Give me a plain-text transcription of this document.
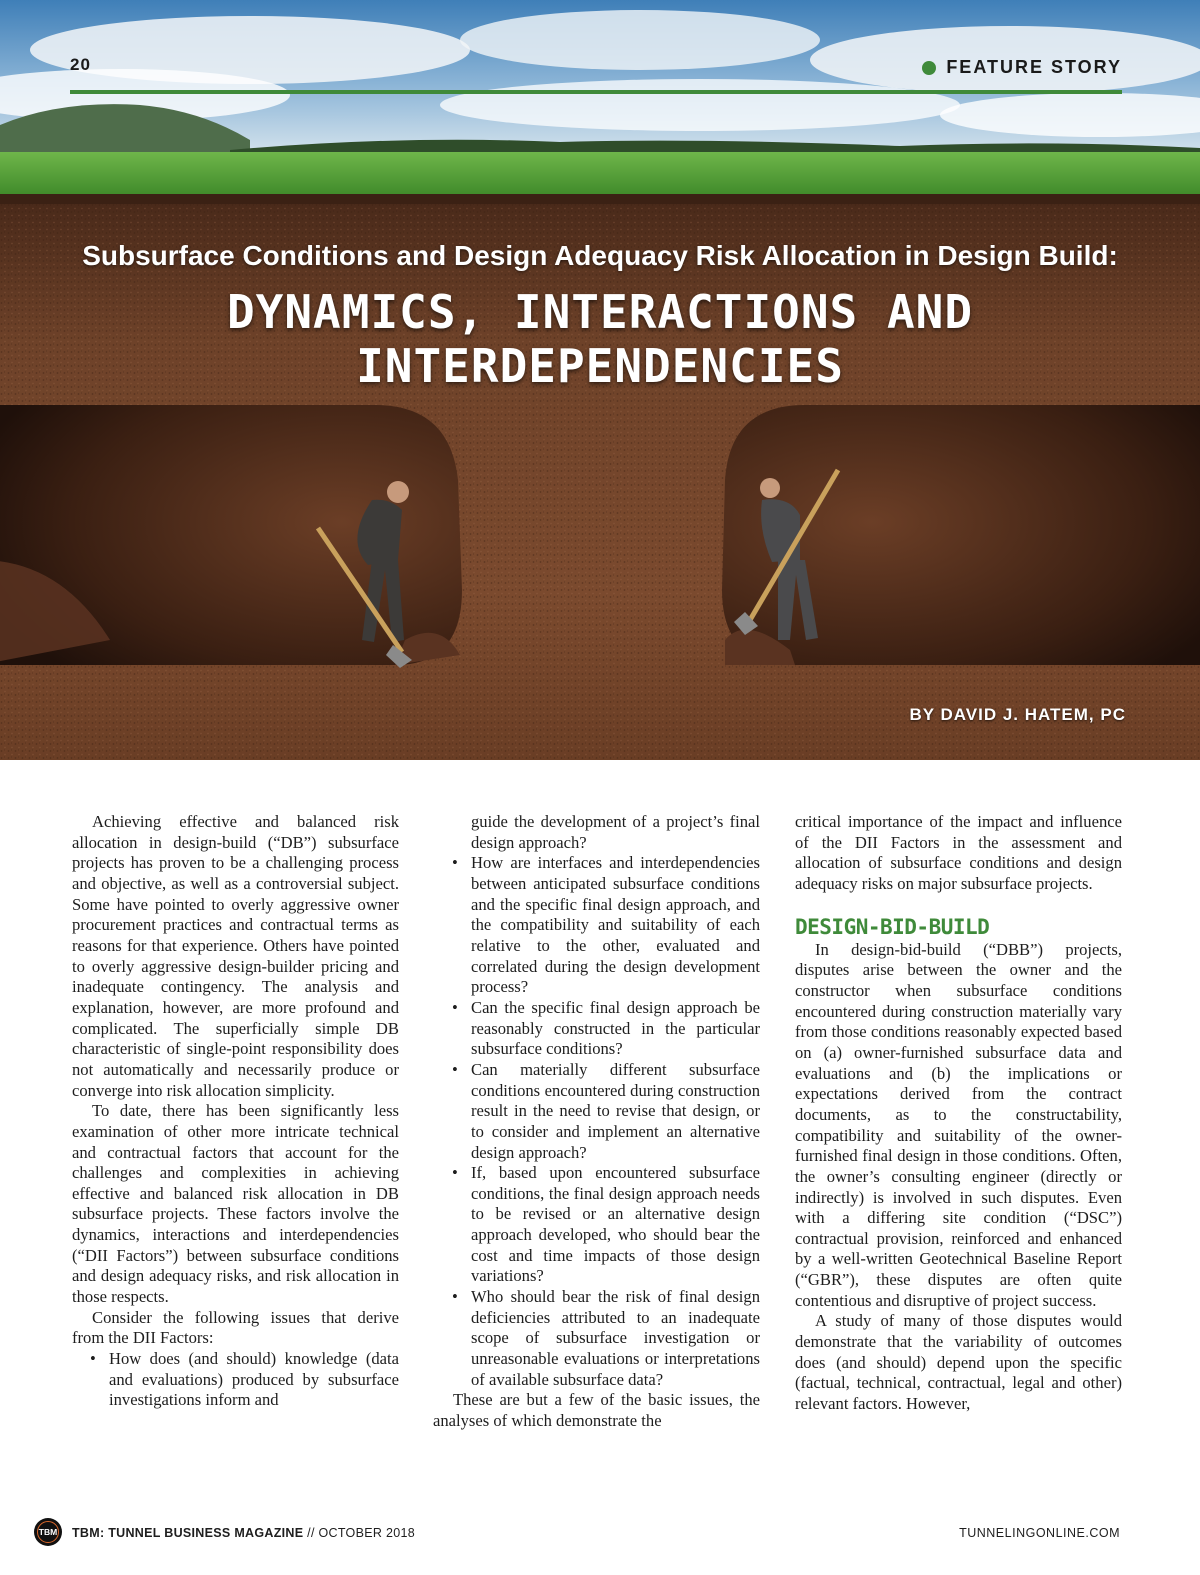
20	FEATURE STORY
Subsurface Conditions and Design Adequacy Risk Allocation in Design Build:
DYNAMICS, INTERACTIONS AND INTERDEPENDENCIES
BY DAVID J. HATEM, PC

Achieving effective and balanced risk allocation in design-build (“DB”) subsurface projects has proven to be a challenging process and objective, as well as a controversial subject. Some have pointed to overly aggressive owner procurement practices and contractual terms as reasons for that experience. Others have pointed to overly aggressive design-builder pricing and inadequate contingency. The analysis and explanation, however, are more profound and complicated. The superficially simple DB characteristic of single-point responsibility does not automatically and necessarily produce or converge into risk allocation simplicity.

To date, there has been significantly less examination of other more intricate technical and contractual factors that account for the challenges and complexities in achieving effective and balanced risk allocation in DB subsurface projects. These factors involve the dynamics, interactions and interdependencies (“DII Factors”) between subsurface conditions and design adequacy risks, and risk allocation in those respects.

Consider the following issues that derive from the DII Factors:

• How does (and should) knowledge (data and evaluations) produced by subsurface investigations inform and

guide the development of a project’s final design approach?

• How are interfaces and interdependencies between anticipated subsurface conditions and the specific final design approach, and the compatibility and suitability of each relative to the other, evaluated and correlated during the design development process?
• Can the specific final design approach be reasonably constructed in the particular subsurface conditions?
• Can materially different subsurface conditions encountered during construction result in the need to revise that design, or to consider and implement an alternative design approach?
• If, based upon encountered subsurface conditions, the final design approach needs to be revised or an alternative design approach developed, who should bear the cost and time impacts of those design variations?
• Who should bear the risk of final design deficiencies attributed to an inadequate scope of subsurface investigation or unreasonable evaluations or interpretations of available subsurface data?

These are but a few of the basic issues, the analyses of which demonstrate the

critical importance of the impact and influence of the DII Factors in the assessment and allocation of subsurface conditions and design adequacy risks on major subsurface projects.

DESIGN-BID-BUILD

In design-bid-build (“DBB”) projects, disputes arise between the owner and the constructor when subsurface conditions encountered during construction materially vary from those conditions reasonably expected based on (a) owner-furnished subsurface data and evaluations and (b) the implications or expectations derived from the contract documents, as to the constructability, compatibility and suitability of the owner-furnished final design in those conditions. Often, the owner’s consulting engineer (directly or indirectly) is involved in such disputes. Even with a differing site condition (“DSC”) contractual provision, reinforced and enhanced by a well-written Geotechnical Baseline Report (“GBR”), these disputes are often quite contentious and disruptive of project success.

A study of many of those disputes would demonstrate that the variability of outcomes does (and should) depend upon the specific (factual, technical, contractual, legal and other) relevant factors. However,

TBM	TBM: TUNNEL BUSINESS MAGAZINE // OCTOBER 2018	TUNNELINGONLINE.COM
